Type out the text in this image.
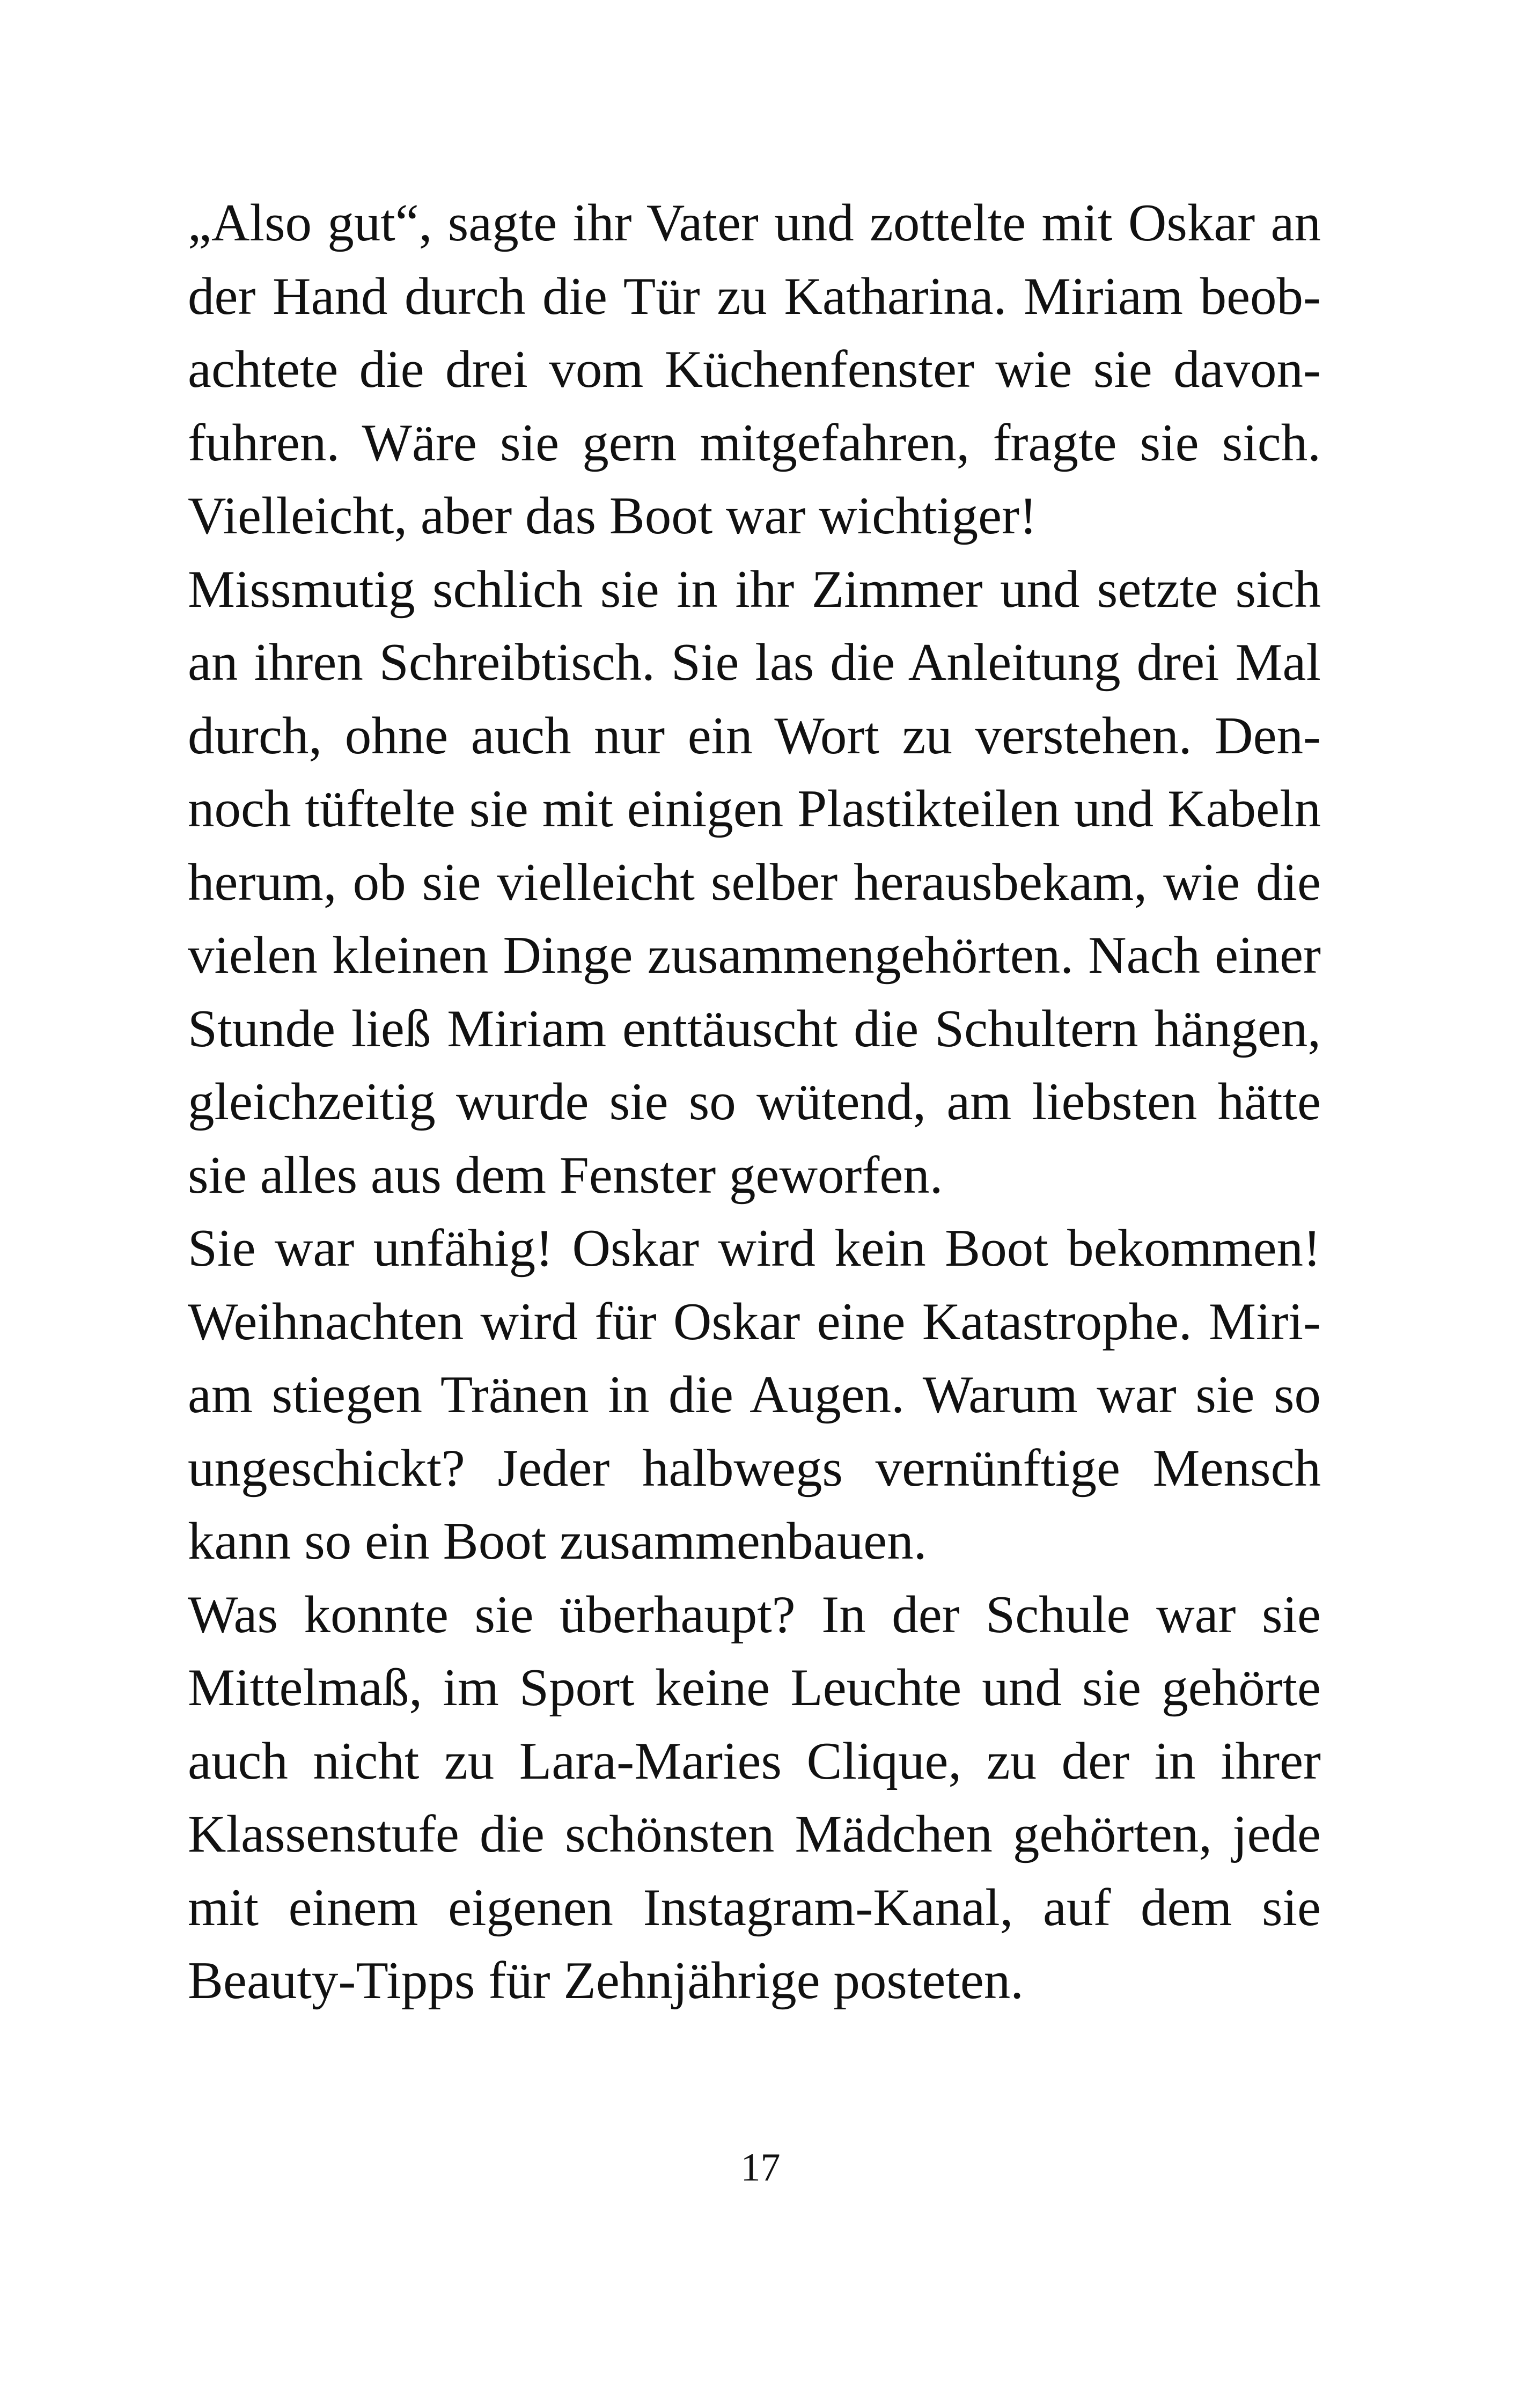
„Also gut“, sagte ihr Vater und zottelte mit Oskar an
der Hand durch die Tür zu Katharina. Miriam beob-
achtete die drei vom Küchenfenster wie sie davon-
fuhren. Wäre sie gern mitgefahren, fragte sie sich.
Vielleicht, aber das Boot war wichtiger!
Missmutig schlich sie in ihr Zimmer und setzte sich
an ihren Schreibtisch. Sie las die Anleitung drei Mal
durch, ohne auch nur ein Wort zu verstehen. Den-
noch tüftelte sie mit einigen Plastikteilen und Kabeln
herum, ob sie vielleicht selber herausbekam, wie die
vielen kleinen Dinge zusammengehörten. Nach einer
Stunde ließ Miriam enttäuscht die Schultern hängen,
gleichzeitig wurde sie so wütend, am liebsten hätte
sie alles aus dem Fenster geworfen.
Sie war unfähig! Oskar wird kein Boot bekommen!
Weihnachten wird für Oskar eine Katastrophe. Miri-
am stiegen Tränen in die Augen. Warum war sie so
ungeschickt? Jeder halbwegs vernünftige Mensch
kann so ein Boot zusammenbauen.
Was konnte sie überhaupt? In der Schule war sie
Mittelmaß, im Sport keine Leuchte und sie gehörte
auch nicht zu Lara-Maries Clique, zu der in ihrer
Klassenstufe die schönsten Mädchen gehörten, jede
mit einem eigenen Instagram-Kanal, auf dem sie
Beauty-Tipps für Zehnjährige posteten.
17
